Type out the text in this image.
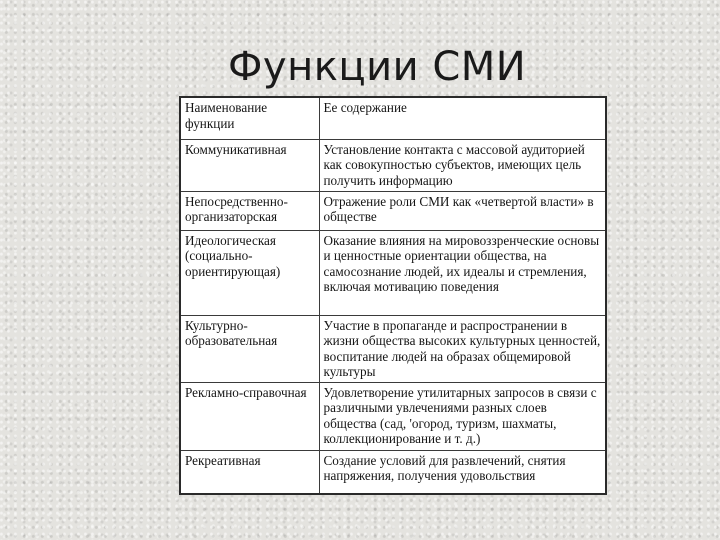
Функции СМИ
Наименование функции	Ее содержание
Коммуникативная	Установление контакта с массовой аудиторией как совокупностью субъектов, имеющих цель получить информацию
Непосредственно-организаторская	Отражение роли СМИ как «четвертой власти» в обществе
Идеологическая (социально-ориентирующая)	Оказание влияния на мировоззренческие основы и ценностные ориентации общества, на самосознание людей, их идеалы и стремления, включая мотивацию поведения
Культурно-образовательная	Участие в пропаганде и распространении в жизни общества высоких культурных ценностей, воспитание людей на образах общемировой культуры
Рекламно-справочная	Удовлетворение утилитарных запросов в связи с различными увлечениями разных слоев общества (сад, 'огород, туризм, шахматы, коллекционирование и т. д.)
Рекреативная	Создание условий для развлечений, снятия напряжения, получения удовольствия
